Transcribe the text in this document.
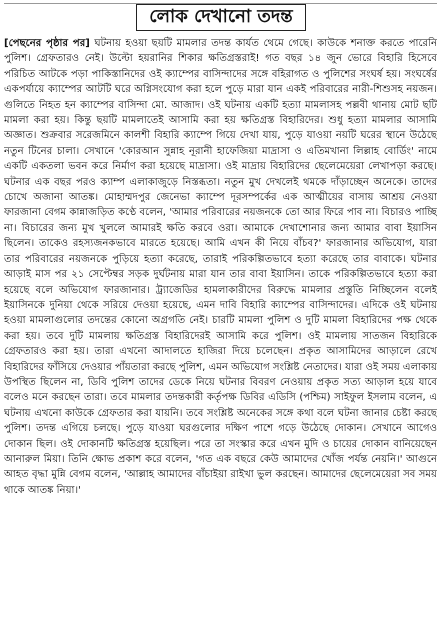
লোক দেখানো তদন্ত

[পেছনের পৃষ্ঠার পর] ঘটনায় হওয়া ছয়টি মামলার তদন্ত কার্যত থেমে গেছে। কাউকে শনাক্ত করতে পারেনি পুলিশ। গ্রেফতারও নেই। উল্টো হয়রানির শিকার ক্ষতিগ্রস্তরাই! গত বছর ১৪ জুন ভোরে বিহারি হিসেবে পরিচিত আটকে পড়া পাকিস্তানিদের ওই ক্যাম্পের বাসিন্দাদের সঙ্গে বহিরাগত ও পুলিশের সংঘর্ষ হয়। সংঘর্ষের একপর্যায়ে ক্যাম্পের আটটি ঘরে অগ্নিসংযোগ করা হলে পুড়ে মারা যান একই পরিবারের নারী-শিশুসহ নয়জন। গুলিতে নিহত হন ক্যাম্পের বাসিন্দা মো. আজাদ। ওই ঘটনায় একটি হত্যা মামলাসহ পল্লবী থানায় মোট ছটি মামলা করা হয়। কিন্তু ছয়টি মামলাতেই আসামি করা হয় ক্ষতিগ্রস্ত বিহারিদের। শুধু হত্যা মামলার আসামি অজ্ঞাত। শুক্রবার সরেজমিনে কালশী বিহারি ক্যাম্পে গিয়ে দেখা যায়, পুড়ে যাওয়া নয়টি ঘরের স্থানে উঠেছে নতুন টিনের চালা। সেখানে 'কোরআন সুন্নাহ নূরানী হাফেজিয়া মাদ্রাসা ও এতিমখানা লিল্লাহ বোর্ডিং' নামে একটি একতলা ভবন করে নির্মাণ করা হয়েছে মাদ্রাসা। ওই মাদ্রায় বিহারিদের ছেলেমেয়েরা লেখাপড়া করছে। ঘটনার এক বছর পরও ক্যাম্প এলাকাজুড়ে নিস্তব্ধতা। নতুন মুখ দেখলেই থমকে দাঁড়াচ্ছেন অনেকে। তাদের চোখে অজানা আতঙ্ক। মোহাম্মদপুর জেনেভা ক্যাম্পে দূরসম্পর্কের এক আত্মীয়ের বাসায় আশ্রয় নেওয়া ফারজানা বেগম কান্নাজড়িত কণ্ঠে বলেন, 'আমার পরিবারের নয়জনকে তো আর ফিরে পাব না। বিচারও পাচ্ছি না। বিচারের জন্য মুখ খুললে আমারই ক্ষতি করবে ওরা। আমাকে দেখাশোনার জন্য আমার বাবা ইয়াসিন ছিলেন। তাকেও রহস্যজনকভাবে মারতে হয়েছে। আমি এখন কী নিয়ে বাঁচব?' ফারজানার অভিযোগ, যারা তার পরিবারের নয়জনকে পুড়িয়ে হত্যা করেছে, তারাই পরিকল্পিতভাবে হত্যা করেছে তার বাবাকে। ঘটনার আড়াই মাস পর ২১ সেপ্টেম্বর সড়ক দুর্ঘটনায় মারা যান তার বাবা ইয়াসিন। তাকে পরিকল্পিতভাবে হত্যা করা হয়েছে বলে অভিযোগ ফারজানার। ট্র্যাজেডির হামলাকারীদের বিরুদ্ধে মামলার প্রস্তুতি নিচ্ছিলেন বলেই ইয়াসিনকে দুনিয়া থেকে সরিয়ে দেওয়া হয়েছে, এমন দাবি বিহারি ক্যাম্পের বাসিন্দাদের। এদিকে ওই ঘটনায় হওয়া মামলাগুলোর তদন্তের কোনো অগ্রগতি নেই। চারটি মামলা পুলিশ ও দুটি মামলা বিহারিদের পক্ষ থেকে করা হয়। তবে দুটি মামলায় ক্ষতিগ্রস্ত বিহারিদেরই আসামি করে পুলিশ। ওই মামলায় সাতজন বিহারিকে গ্রেফতারও করা হয়। তারা এখনো আদালতে হাজিরা দিয়ে চলেছেন। প্রকৃত আসামিদের আড়ালে রেখে বিহারিদের ফাঁসিয়ে দেওয়ার পাঁয়তারা করছে পুলিশ, এমন অভিযোগ সংশ্লিষ্ট নেতাদের। যারা ওই সময় এলাকায় উপস্থিত ছিলেন না, ডিবি পুলিশ তাদের ডেকে নিয়ে ঘটনার বিবরণ নেওয়ায় প্রকৃত সত্য আড়াল হয়ে যাবে বলেও মনে করছেন তারা। তবে মামলার তদন্তকারী কর্তৃপক্ষ ডিবির এডিসি (পশ্চিম) সাইফুল ইসলাম বলেন, এ ঘটনায় এখনো কাউকে গ্রেফতার করা যায়নি। তবে সংশ্লিষ্ট অনেকের সঙ্গে কথা বলে ঘটনা জানার চেষ্টা করছে পুলিশ। তদন্ত এগিয়ে চলছে। পুড়ে যাওয়া ঘরগুলোর দক্ষিণ পাশে গড়ে উঠেছে দোকান। সেখানে আগেও দোকান ছিল। ওই দোকানটি ক্ষতিগ্রস্ত হয়েছিল। পরে তা সংস্কার করে এখন মুদি ও চায়ের দোকান বানিয়েছেন আনারুল মিয়া। তিনি ক্ষোভ প্রকাশ করে বলেন, 'গত এক বছরে কেউ আমাদের খোঁজ পর্যন্ত নেয়নি।' আগুনে আহত বৃদ্ধা মুন্নি বেগম বলেন, 'আল্লাহ আমাদের বাঁচাইয়া রাইখা ভুল করছেন। আমাদের ছেলেমেয়েরা সব সময় থাকে আতঙ্ক নিয়া।'
